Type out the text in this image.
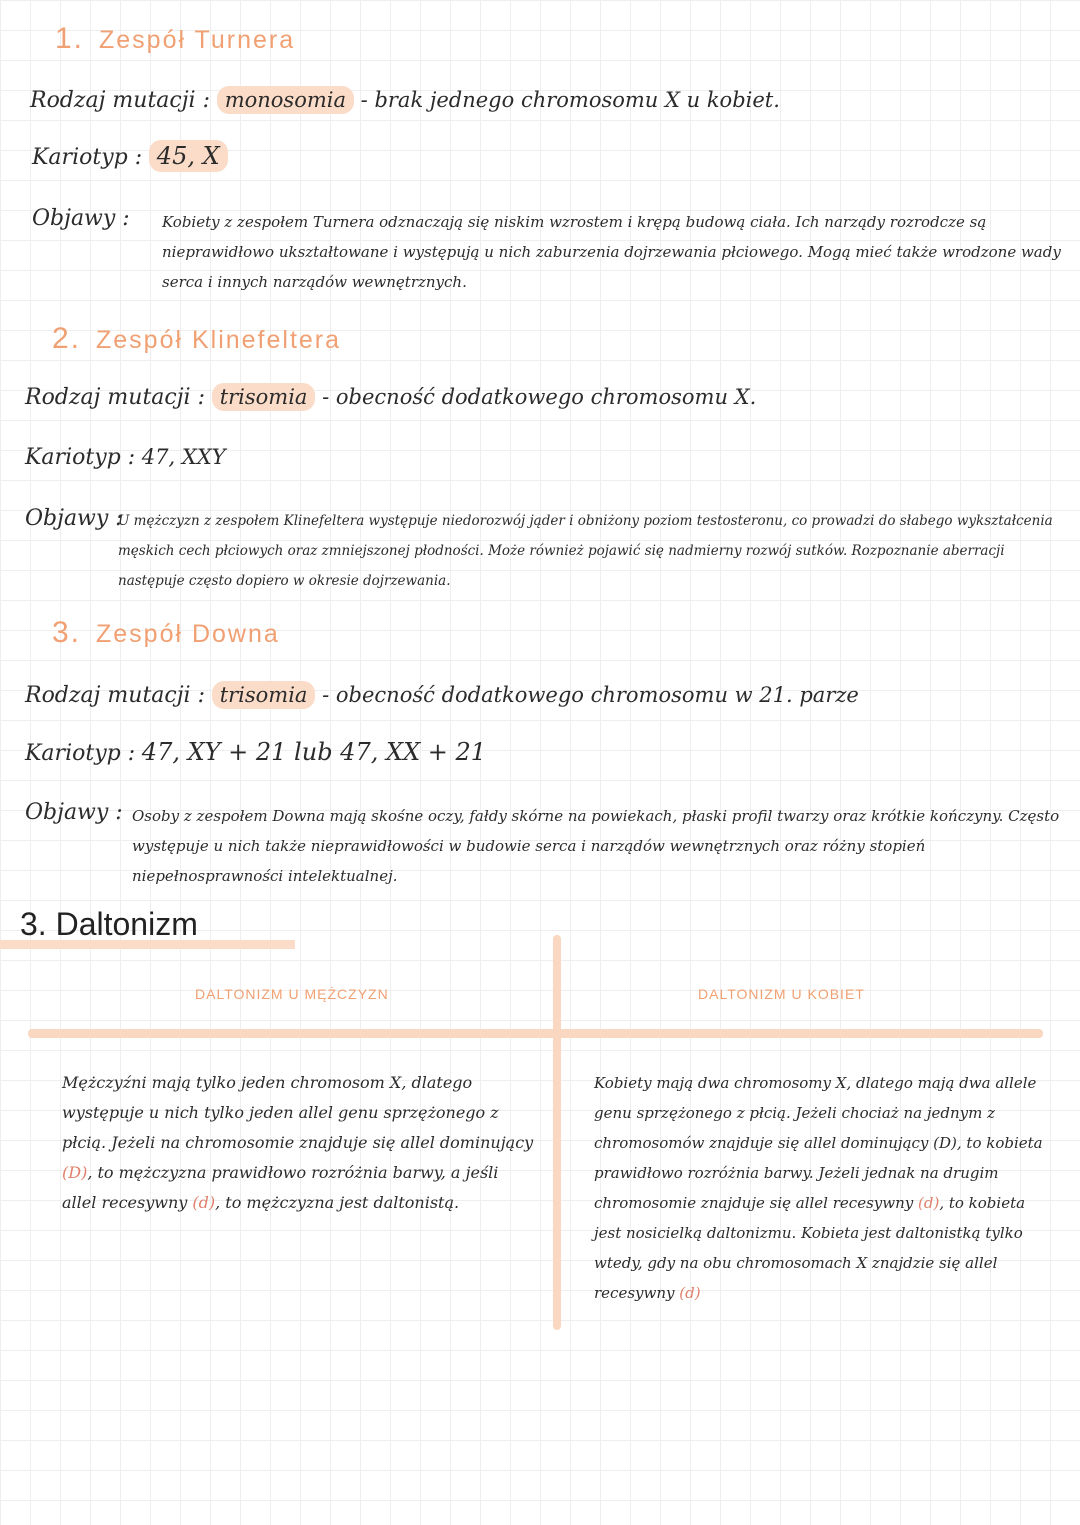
1. Zespół Turnera
Rodzaj mutacji : monosomia - brak jednego chromosomu X u kobiet.
Kariotyp : 45, X
Objawy : Kobiety z zespołem Turnera odznaczają się niskim wzrostem i krępą budową ciała. Ich narządy rozrodcze są nieprawidłowo ukształtowane i występują u nich zaburzenia dojrzewania płciowego. Mogą mieć także wrodzone wady serca i innych narządów wewnętrznych.
2. Zespół Klinefeltera
Rodzaj mutacji : trisomia - obecność dodatkowego chromosomu X.
Kariotyp : 47, XXY
Objawy :
U mężczyzn z zespołem Klinefeltera występuje niedorozwój jąder i obniżony poziom testosteronu, co prowadzi do słabego wykształcenia męskich cech płciowych oraz zmniejszonej płodności. Może również pojawić się nadmierny rozwój sutków. Rozpoznanie aberracji następuje często dopiero w okresie dojrzewania.
3. Zespół Downa
Rodzaj mutacji : trisomia - obecność dodatkowego chromosomu w 21. parze
Kariotyp : 47, XY + 21 lub 47, XX + 21
Objawy : Osoby z zespołem Downa mają skośne oczy, fałdy skórne na powiekach, płaski profil twarzy oraz krótkie kończyny. Często występuje u nich także nieprawidłowości w budowie serca i narządów wewnętrznych oraz różny stopień niepełnosprawności intelektualnej.
3. Daltonizm
DALTONIZM U MĘŻCZYZN	DALTONIZM U KOBIET
Mężczyźni mają tylko jeden chromosom X, dlatego występuje u nich tylko jeden allel genu sprzężonego z płcią. Jeżeli na chromosomie znajduje się allel dominujący (D), to mężczyzna prawidłowo rozróżnia barwy, a jeśli allel recesywny (d), to mężczyzna jest daltonistą.
Kobiety mają dwa chromosomy X, dlatego mają dwa allele genu sprzężonego z płcią. Jeżeli chociaż na jednym z chromosomów znajduje się allel dominujący (D), to kobieta prawidłowo rozróżnia barwy. Jeżeli jednak na drugim chromosomie znajduje się allel recesywny (d), to kobieta jest nosicielką daltonizmu. Kobieta jest daltonistką tylko wtedy, gdy na obu chromosomach X znajdzie się allel recesywny (d)
